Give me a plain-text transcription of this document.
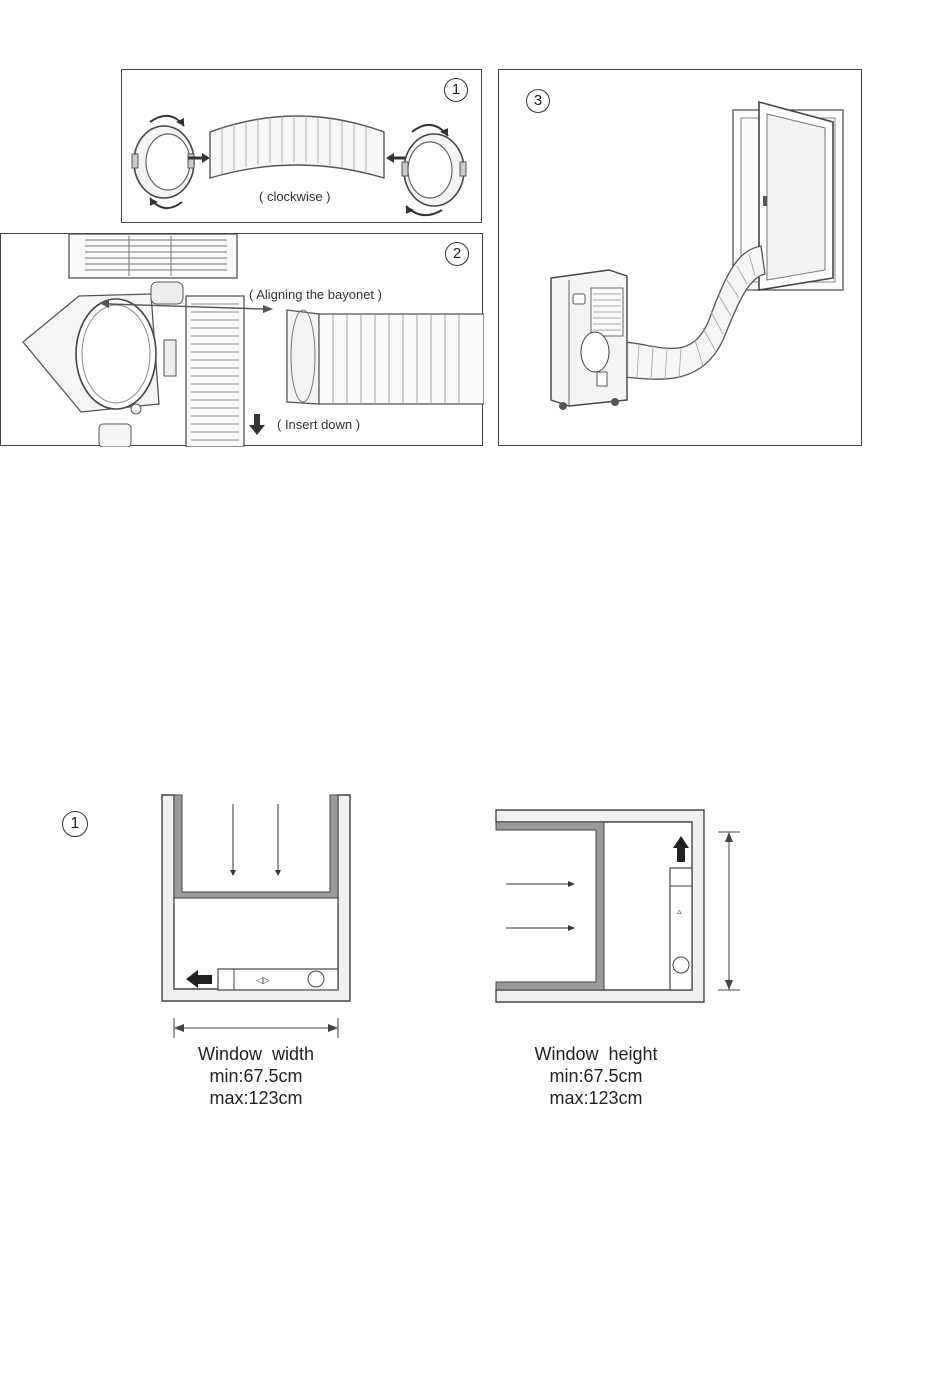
1
( clockwise )
2
( Aligning the bayonet )
( Insert down )
3
1
◁▷
▵
Window  width
min:67.5cm
max:123cm
Window  height
min:67.5cm
max:123cm
